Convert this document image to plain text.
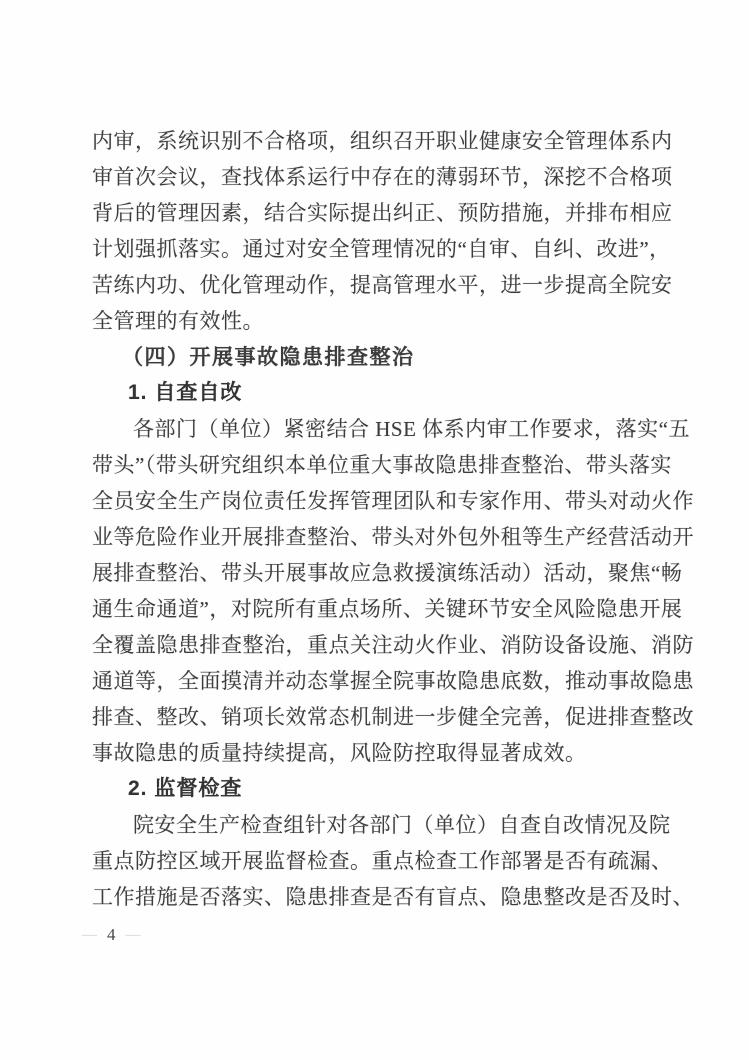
内审，系统识别不合格项，组织召开职业健康安全管理体系内
审首次会议，查找体系运行中存在的薄弱环节，深挖不合格项
背后的管理因素，结合实际提出纠正、预防措施，并排布相应
计划强抓落实。通过对安全管理情况的“自审、自纠、改进”，
苦练内功、优化管理动作，提高管理水平，进一步提高全院安
全管理的有效性。
（四）开展事故隐患排查整治
1. 自查自改
各部门（单位）紧密结合 HSE 体系内审工作要求，落实“五
带头”（带头研究组织本单位重大事故隐患排查整治、带头落实
全员安全生产岗位责任发挥管理团队和专家作用、带头对动火作
业等危险作业开展排查整治、带头对外包外租等生产经营活动开
展排查整治、带头开展事故应急救援演练活动）活动，聚焦“畅
通生命通道”，对院所有重点场所、关键环节安全风险隐患开展
全覆盖隐患排查整治，重点关注动火作业、消防设备设施、消防
通道等，全面摸清并动态掌握全院事故隐患底数，推动事故隐患
排查、整改、销项长效常态机制进一步健全完善，促进排查整改
事故隐患的质量持续提高，风险防控取得显著成效。
2. 监督检查
院安全生产检查组针对各部门（单位）自查自改情况及院
重点防控区域开展监督检查。重点检查工作部署是否有疏漏、
工作措施是否落实、隐患排查是否有盲点、隐患整改是否及时、
— 4 —
